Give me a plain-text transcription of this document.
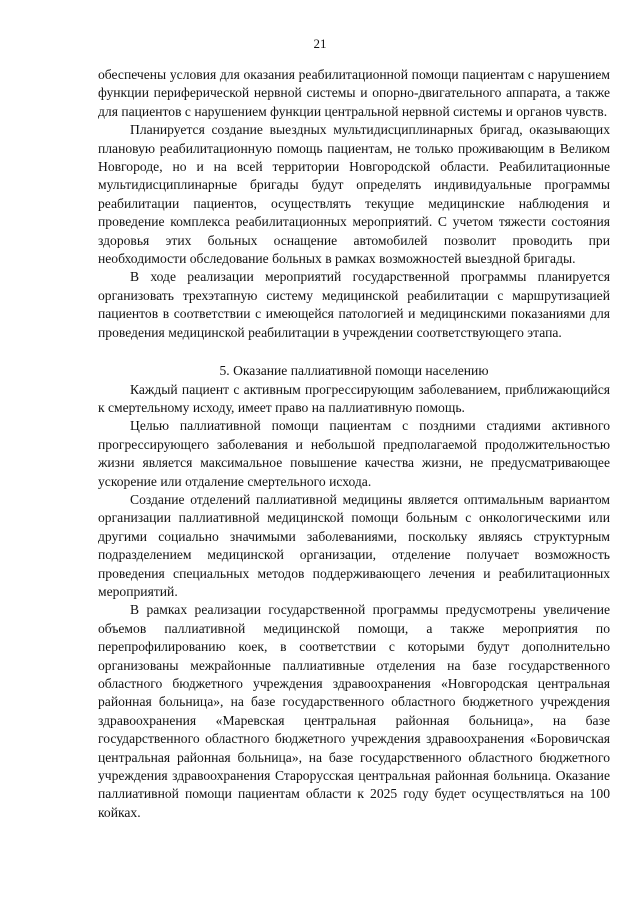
21

обеспечены условия для оказания реабилитационной помощи пациентам с нарушением функции периферической нервной системы и опорно-двигательного аппарата, а также для пациентов с нарушением функции центральной нервной системы и органов чувств.

Планируется создание выездных мультидисциплинарных бригад, оказывающих плановую реабилитационную помощь пациентам, не только проживающим в Великом Новгороде, но и на всей территории Новгородской области. Реабилитационные мультидисциплинарные бригады будут определять индивидуальные программы реабилитации пациентов, осуществлять текущие медицинские наблюдения и проведение комплекса реабилитационных мероприятий. С учетом тяжести состояния здоровья этих больных оснащение автомобилей позволит проводить при необходимости обследование больных в рамках возможностей выездной бригады.

В ходе реализации мероприятий государственной программы планируется организовать трехэтапную систему медицинской реабилитации с маршрутизацией пациентов в соответствии с имеющейся патологией и медицинскими показаниями для проведения медицинской реабилитации в учреждении соответствующего этапа.

5. Оказание паллиативной помощи населению

Каждый пациент с активным прогрессирующим заболеванием, приближающийся к смертельному исходу, имеет право на паллиативную помощь.

Целью паллиативной помощи пациентам с поздними стадиями активного прогрессирующего заболевания и небольшой предполагаемой продолжительностью жизни является максимальное повышение качества жизни, не предусматривающее ускорение или отдаление смертельного исхода.

Создание отделений паллиативной медицины является оптимальным вариантом организации паллиативной медицинской помощи больным с онкологическими или другими социально значимыми заболеваниями, поскольку являясь структурным подразделением медицинской организации, отделение получает возможность проведения специальных методов поддерживающего лечения и реабилитационных мероприятий.

В рамках реализации государственной программы предусмотрены увеличение объемов паллиативной медицинской помощи, а также мероприятия по перепрофилированию коек, в соответствии с которыми будут дополнительно организованы межрайонные паллиативные отделения на базе государственного областного бюджетного учреждения здравоохранения «Новгородская центральная районная больница», на базе государственного областного бюджетного учреждения здравоохранения «Маревская центральная районная больница», на базе государственного областного бюджетного учреждения здравоохранения «Боровичская центральная районная больница», на базе государственного областного бюджетного учреждения здравоохранения Старорусская центральная районная больница. Оказание паллиативной помощи пациентам области к 2025 году будет осуществляться на 100 койках.
